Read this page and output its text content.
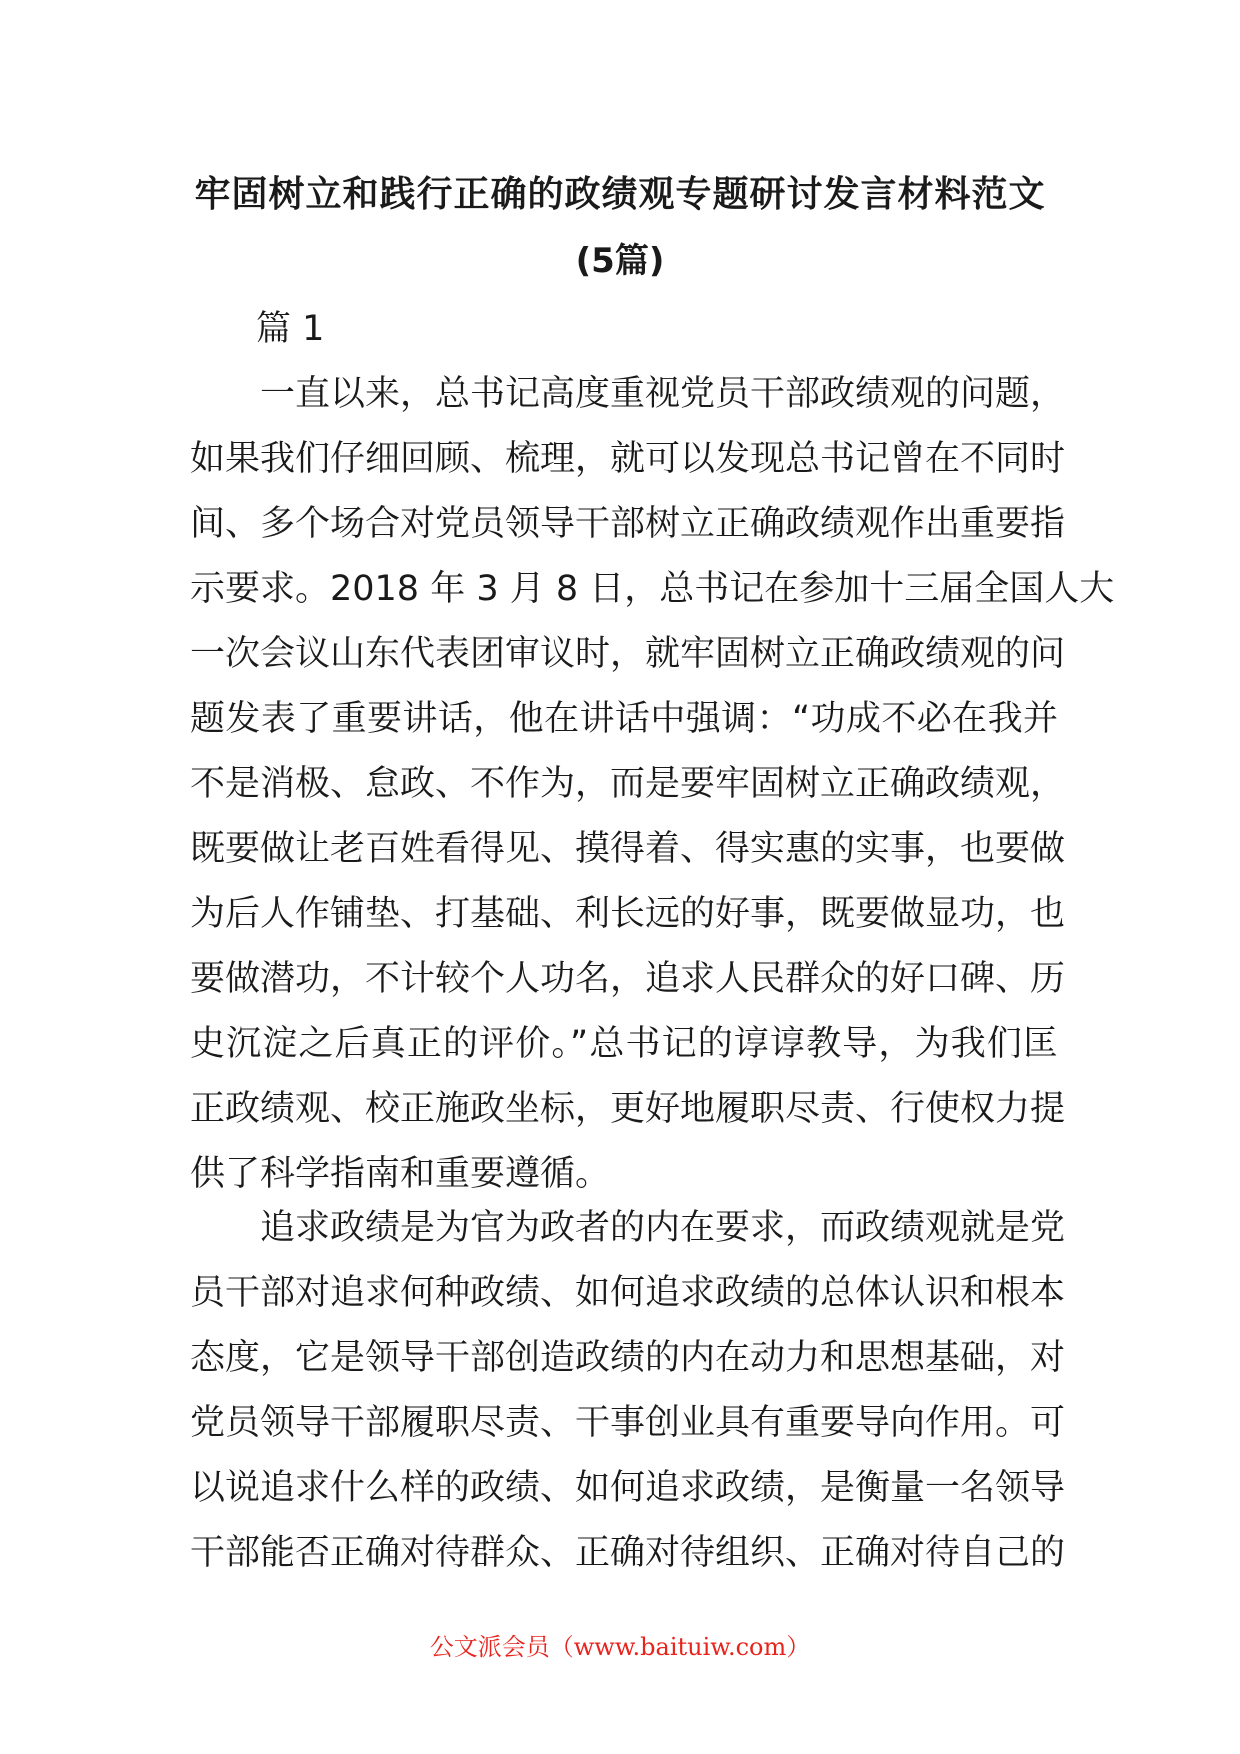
牢固树立和践行正确的政绩观专题研讨发言材料范文
(5篇)
篇 1
一直以来，总书记高度重视党员干部政绩观的问题，
如果我们仔细回顾、梳理，就可以发现总书记曾在不同时
间、多个场合对党员领导干部树立正确政绩观作出重要指
示要求。2018 年 3 月 8 日，总书记在参加十三届全国人大
一次会议山东代表团审议时，就牢固树立正确政绩观的问
题发表了重要讲话，他在讲话中强调：“功成不必在我并
不是消极、怠政、不作为，而是要牢固树立正确政绩观，
既要做让老百姓看得见、摸得着、得实惠的实事，也要做
为后人作铺垫、打基础、利长远的好事，既要做显功，也
要做潜功，不计较个人功名，追求人民群众的好口碑、历
史沉淀之后真正的评价。”总书记的谆谆教导，为我们匡
正政绩观、校正施政坐标，更好地履职尽责、行使权力提
供了科学指南和重要遵循。
追求政绩是为官为政者的内在要求，而政绩观就是党
员干部对追求何种政绩、如何追求政绩的总体认识和根本
态度，它是领导干部创造政绩的内在动力和思想基础，对
党员领导干部履职尽责、干事创业具有重要导向作用。可
以说追求什么样的政绩、如何追求政绩，是衡量一名领导
干部能否正确对待群众、正确对待组织、正确对待自己的
公文派会员（www.baituiw.com）
